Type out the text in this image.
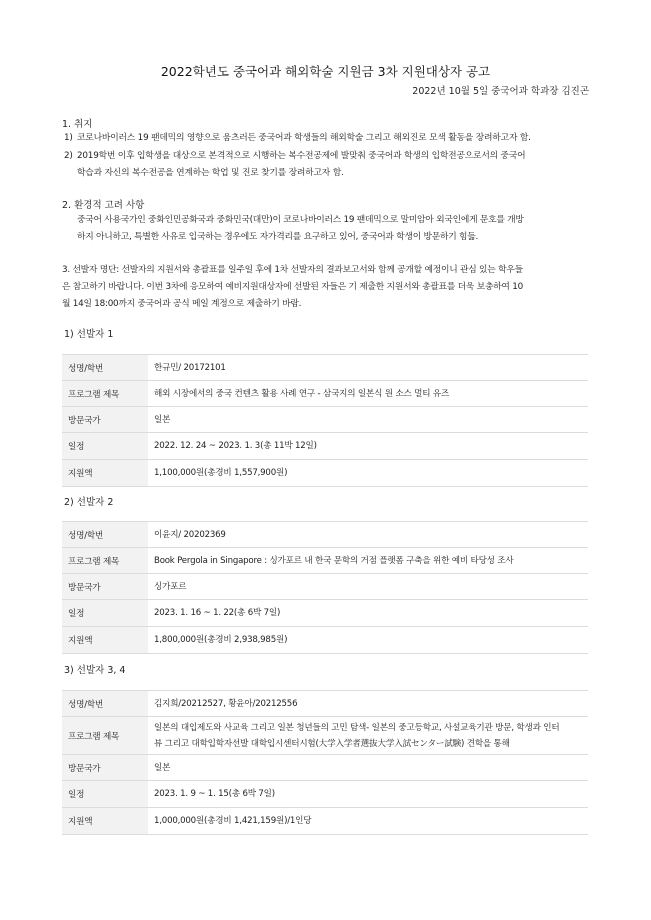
2022학년도 중국어과 해외학술 지원금 3차 지원대상자 공고
2022년 10월 5일 중국어과 학과장 김진곤
1. 취지
1) 코로나바이러스 19 팬데믹의 영향으로 움츠러든 중국어과 학생들의 해외학술 그리고 해외진로 모색 활동을 장려하고자 함.
2) 2019학번 이후 입학생을 대상으로 본격적으로 시행하는 복수전공제에 발맞춰 중국어과 학생의 입학전공으로서의 중국어
학습과 자신의 복수전공을 연계하는 학업 및 진로 찾기를 장려하고자 함.
2. 환경적 고려 사항
중국어 사용국가인 중화인민공화국과 중화민국(대만)이 코로나바이러스 19 팬데믹으로 말미암아 외국인에게 문호를 개방
하지 아니하고, 특별한 사유로 입국하는 경우에도 자가격리를 요구하고 있어, 중국어과 학생이 방문하기 힘듦.
3. 선발자 명단: 선발자의 지원서와 총괄표를 일주일 후에 1차 선발자의 결과보고서와 함께 공개할 예정이니 관심 있는 학우들
은 참고하기 바랍니다. 이번 3차에 응모하여 예비지원대상자에 선발된 자들은 기 제출한 지원서와 총괄표를 더욱 보충하여 10
월 14일 18:00까지 중국어과 공식 메일 계정으로 제출하기 바람.
1) 선발자 1
성명/학번	한규민/ 20172101
프로그램 제목	해외 시장에서의 중국 컨텐츠 활용 사례 연구 - 삼국지의 일본식 원 소스 멀티 유즈

방문국가	일본
일정	2022. 12. 24 ~ 2023. 1. 3(총 11박 12일)
지원액	1,100,000원(총경비 1,557,900원)
2) 선발자 2
성명/학번	이윤지/ 20202369
프로그램 제목	Book Pergola in Singapore : 싱가포르 내 한국 문학의 거점 플랫폼 구축을 위한 예비 타당성 조사

방문국가	싱가포르
일정	2023. 1. 16 ~ 1. 22(총 6박 7일)
지원액	1,800,000원(총경비 2,938,985원)
3) 선발자 3, 4
성명/학번	김지희/20212527, 황윤아/20212556
프로그램 제목	일본의 대입제도와 사교육 그리고 일본 청년들의 고민 탐색- 일본의 중고등학교, 사설교육기관 방문, 학생과 인터
뷰 그리고 대학입학자선발 대학입시센터시험(大学入学者選抜大学入試センター試験) 견학을 통해

방문국가	일본
일정	2023. 1. 9 ~ 1. 15(총 6박 7일)
지원액	1,000,000원(총경비 1,421,159원)/1인당
